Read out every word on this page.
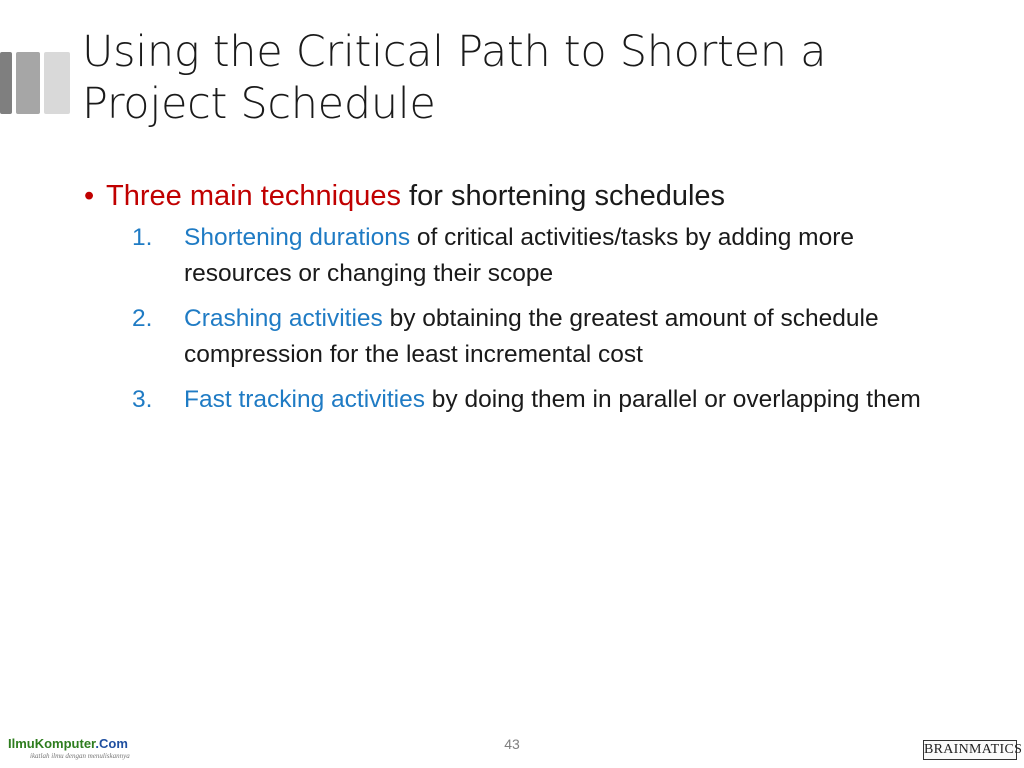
Using the Critical Path to Shorten a
Project Schedule

• Three main techniques for shortening schedules

1. Shortening durations of critical activities/tasks by adding more resources or changing their scope
2. Crashing activities by obtaining the greatest amount of schedule compression for the least incremental cost
3. Fast tracking activities by doing them in parallel or overlapping them
IlmuKomputer.Com
ikatlah ilmu dengan menuliskannya
43	BRAINMATICS
